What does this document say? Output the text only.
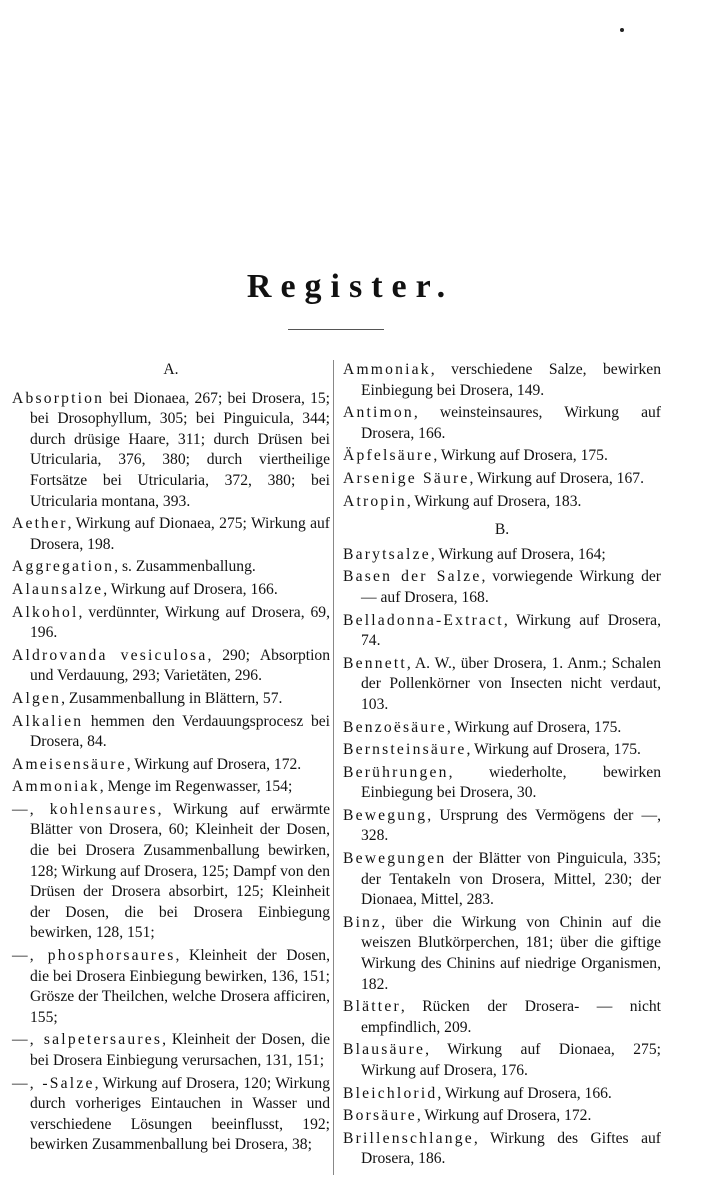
Register.
A.

Absorption bei Dionaea, 267; bei Drosera, 15; bei Drosophyllum, 305; bei Pinguicula, 344; durch drüsige Haare, 311; durch Drüsen bei Utricularia, 376, 380; durch viertheilige Fortsätze bei Utricularia, 372, 380; bei Utricularia montana, 393.

Aether, Wirkung auf Dionaea, 275; Wirkung auf Drosera, 198.

Aggregation, s. Zusammenballung.

Alaunsalze, Wirkung auf Drosera, 166.

Alkohol, verdünnter, Wirkung auf Drosera, 69, 196.

Aldrovanda vesiculosa, 290; Absorption und Verdauung, 293; Varietäten, 296.

Algen, Zusammenballung in Blättern, 57.

Alkalien hemmen den Verdauungsprocesz bei Drosera, 84.

Ameisensäure, Wirkung auf Drosera, 172.

Ammoniak, Menge im Regenwasser, 154;

—, kohlensaures, Wirkung auf erwärmte Blätter von Drosera, 60; Kleinheit der Dosen, die bei Drosera Zusammenballung bewirken, 128; Wirkung auf Drosera, 125; Dampf von den Drüsen der Drosera absorbirt, 125; Kleinheit der Dosen, die bei Drosera Einbiegung bewirken, 128, 151;

—, phosphorsaures, Kleinheit der Dosen, die bei Drosera Einbiegung bewirken, 136, 151; Grösze der Theilchen, welche Drosera afficiren, 155;

—, salpetersaures, Kleinheit der Dosen, die bei Drosera Einbiegung verursachen, 131, 151;

—, -Salze, Wirkung auf Drosera, 120; Wirkung durch vorheriges Eintauchen in Wasser und verschiedene Lösungen beeinflusst, 192; bewirken Zusammenballung bei Drosera, 38;

Ammoniak, verschiedene Salze, bewirken Einbiegung bei Drosera, 149.

Antimon, weinsteinsaures, Wirkung auf Drosera, 166.

Äpfelsäure, Wirkung auf Drosera, 175.

Arsenige Säure, Wirkung auf Drosera, 167.

Atropin, Wirkung auf Drosera, 183.

B.

Barytsalze, Wirkung auf Drosera, 164;

Basen der Salze, vorwiegende Wirkung der — auf Drosera, 168.

Belladonna-Extract, Wirkung auf Drosera, 74.

Bennett, A. W., über Drosera, 1. Anm.; Schalen der Pollenkörner von Insecten nicht verdaut, 103.

Benzoësäure, Wirkung auf Drosera, 175.

Bernsteinsäure, Wirkung auf Drosera, 175.

Berührungen, wiederholte, bewirken Einbiegung bei Drosera, 30.

Bewegung, Ursprung des Vermögens der —, 328.

Bewegungen der Blätter von Pinguicula, 335; der Tentakeln von Drosera, Mittel, 230; der Dionaea, Mittel, 283.

Binz, über die Wirkung von Chinin auf die weiszen Blutkörperchen, 181; über die giftige Wirkung des Chinins auf niedrige Organismen, 182.

Blätter, Rücken der Drosera- — nicht empfindlich, 209.

Blausäure, Wirkung auf Dionaea, 275; Wirkung auf Drosera, 176.

Bleichlorid, Wirkung auf Drosera, 166.

Borsäure, Wirkung auf Drosera, 172.

Brillenschlange, Wirkung des Giftes auf Drosera, 186.
